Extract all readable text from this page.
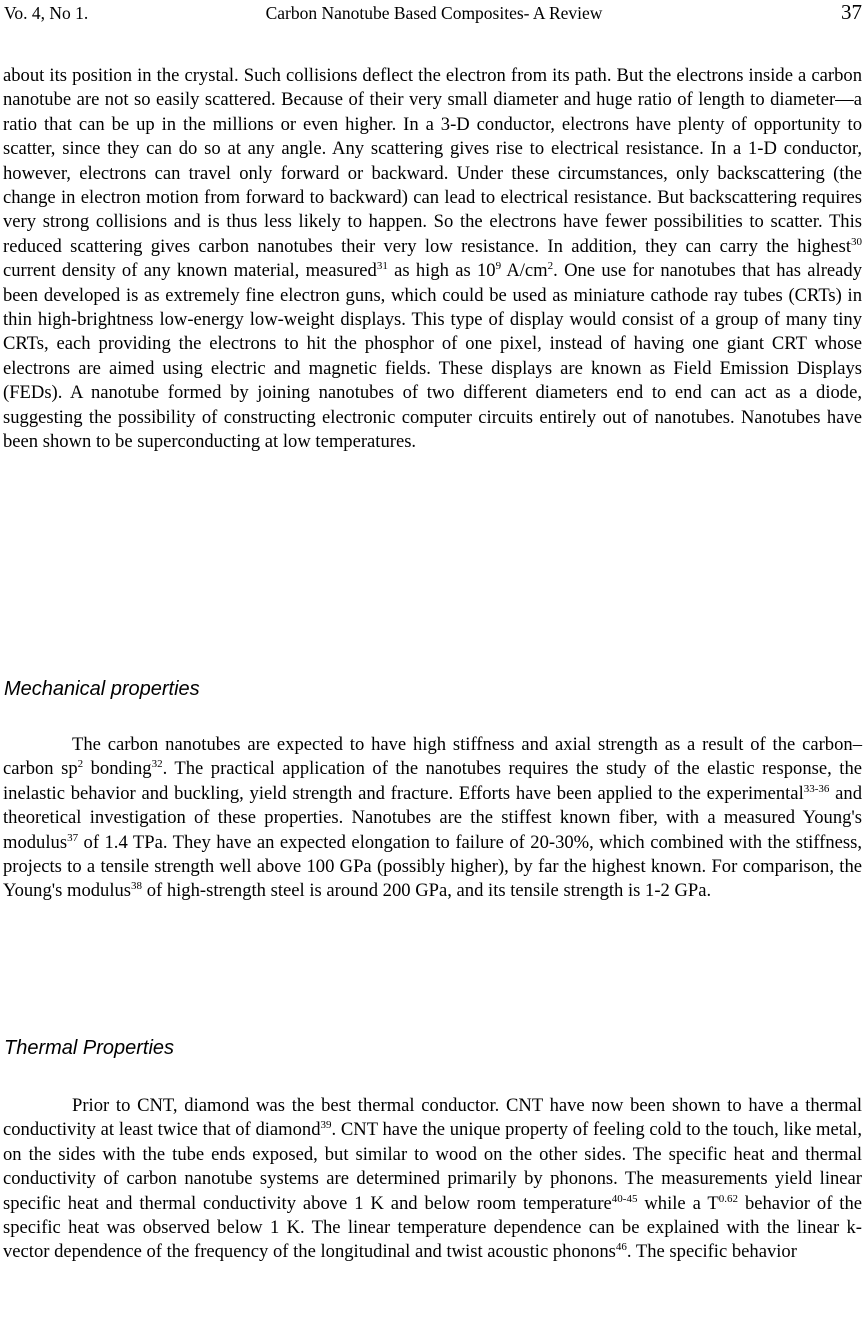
Vo. 4, No 1.	Carbon Nanotube Based Composites- A Review	37

about its position in the crystal. Such collisions deflect the electron from its path. But the electrons inside a carbon nanotube are not so easily scattered. Because of their very small diameter and huge ratio of length to diameter—a ratio that can be up in the millions or even higher. In a 3-D conductor, electrons have plenty of opportunity to scatter, since they can do so at any angle. Any scattering gives rise to electrical resistance. In a 1-D conductor, however, electrons can travel only forward or backward. Under these circumstances, only backscattering (the change in electron motion from forward to backward) can lead to electrical resistance. But backscattering requires very strong collisions and is thus less likely to happen. So the electrons have fewer possibilities to scatter. This reduced scattering gives carbon nanotubes their very low resistance. In addition, they can carry the highest$^{30}$ current density of any known material, measured$^{31}$ as high as $10^9$ $A/cm^2$. One use for nanotubes that has already been developed is as extremely fine electron guns, which could be used as miniature cathode ray tubes (CRTs) in thin high-brightness low-energy low-weight displays. This type of display would consist of a group of many tiny CRTs, each providing the electrons to hit the phosphor of one pixel, instead of having one giant CRT whose electrons are aimed using electric and magnetic fields. These displays are known as Field Emission Displays (FEDs). A nanotube formed by joining nanotubes of two different diameters end to end can act as a diode, suggesting the possibility of constructing electronic computer circuits entirely out of nanotubes. Nanotubes have been shown to be superconducting at low temperatures.

Mechanical properties

The carbon nanotubes are expected to have high stiffness and axial strength as a result of the carbon–carbon $sp^2$ bonding$^{32}$. The practical application of the nanotubes requires the study of the elastic response, the inelastic behavior and buckling, yield strength and fracture. Efforts have been applied to the experimental$^{33-36}$ and theoretical investigation of these properties. Nanotubes are the stiffest known fiber, with a measured Young's modulus$^{37}$ of 1.4 TPa. They have an expected elongation to failure of 20-30%, which combined with the stiffness, projects to a tensile strength well above 100 GPa (possibly higher), by far the highest known. For comparison, the Young's modulus$^{38}$ of high-strength steel is around 200 GPa, and its tensile strength is 1-2 GPa.

Thermal Properties

Prior to CNT, diamond was the best thermal conductor. CNT have now been shown to have a thermal conductivity at least twice that of diamond$^{39}$. CNT have the unique property of feeling cold to the touch, like metal, on the sides with the tube ends exposed, but similar to wood on the other sides. The specific heat and thermal conductivity of carbon nanotube systems are determined primarily by phonons. The measurements yield linear specific heat and thermal conductivity above 1 K and below room temperature$^{40-45}$ while a $T^{0.62}$ behavior of the specific heat was observed below 1 K. The linear temperature dependence can be explained with the linear k-vector dependence of the frequency of the longitudinal and twist acoustic phonons$^{46}$. The specific behavior
